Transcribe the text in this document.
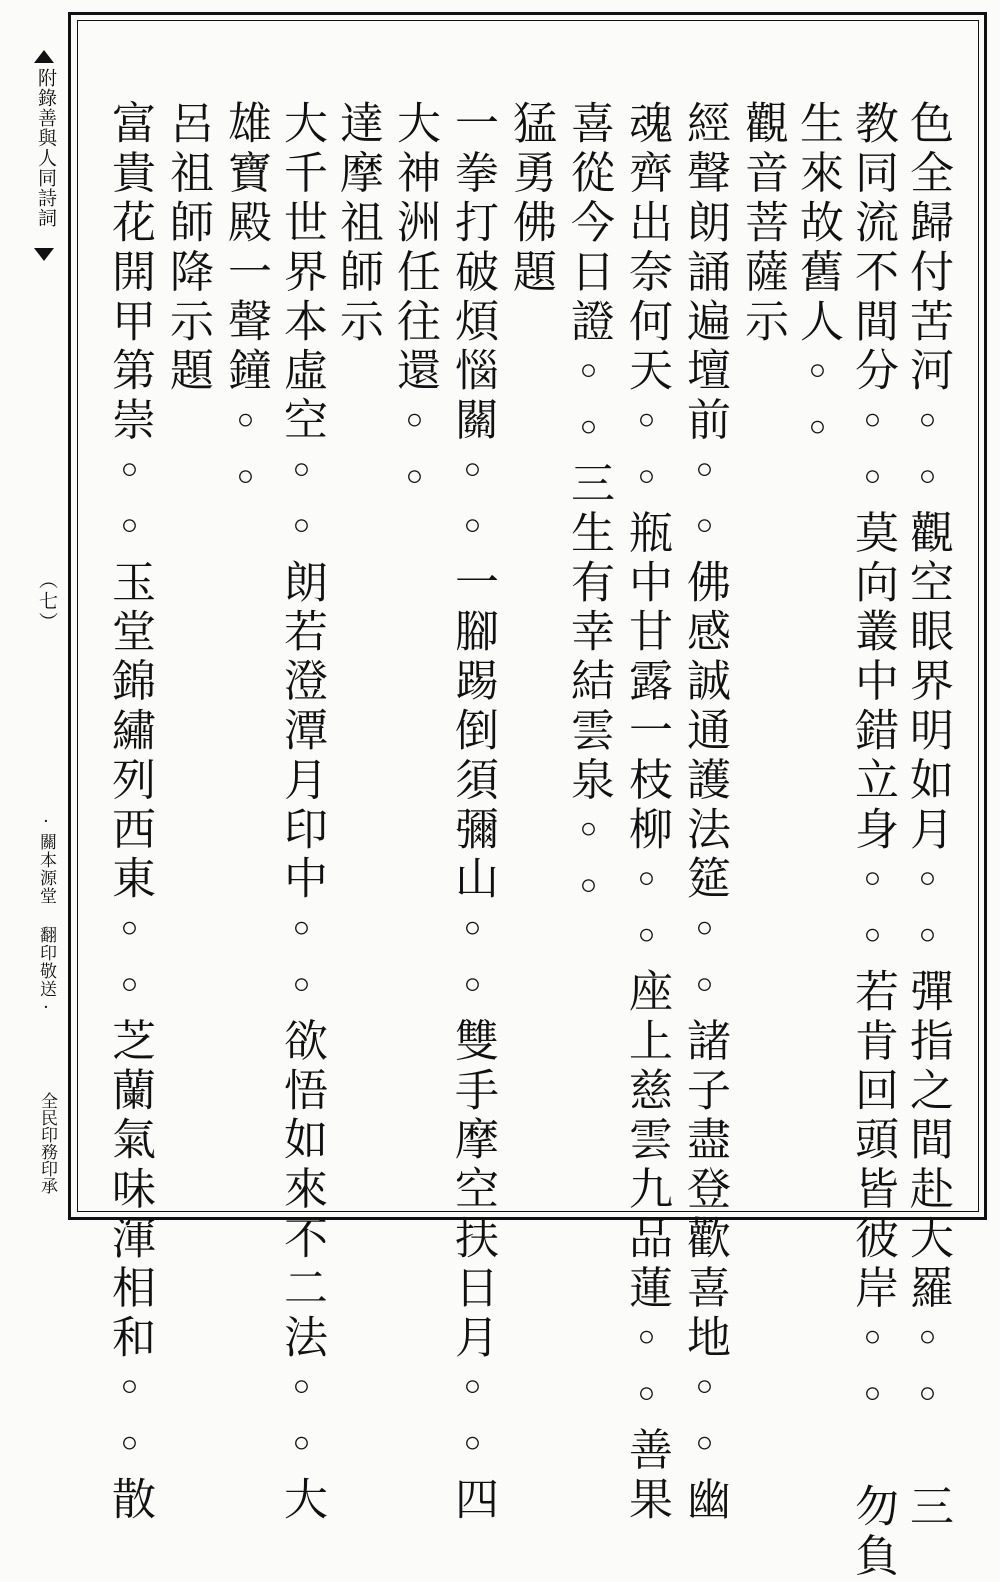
附錄善與人同詩詞
（七）
·關本源堂 翻印敬送·
全民印務印承	色全歸付苦河◦◦觀空眼界明如月◦◦彈指之間赴大羅◦◦ 三
教同流不間分◦◦莫向叢中錯立身◦◦若肯回頭皆彼岸◦◦ 勿負
生來故舊人◦◦
觀音菩薩示
經聲朗誦遍壇前◦◦佛感誠通護法筵◦◦諸子盡登歡喜地◦◦幽
魂齊出奈何天◦◦瓶中甘露一枝柳◦◦座上慈雲九品蓮◦◦善果
喜從今日證◦◦三生有幸結雲泉◦◦
猛勇佛題
一拳打破煩惱關◦◦一腳踢倒須彌山◦◦雙手摩空扶日月◦◦四
大神洲任往還◦◦
達摩祖師示
大千世界本虛空◦◦朗若澄潭月印中◦◦欲悟如來不二法◦◦大
雄寶殿一聲鐘◦◦
呂祖師降示題
富貴花開甲第崇◦◦玉堂錦繡列西東◦◦芝蘭氣味渾相和◦◦散
